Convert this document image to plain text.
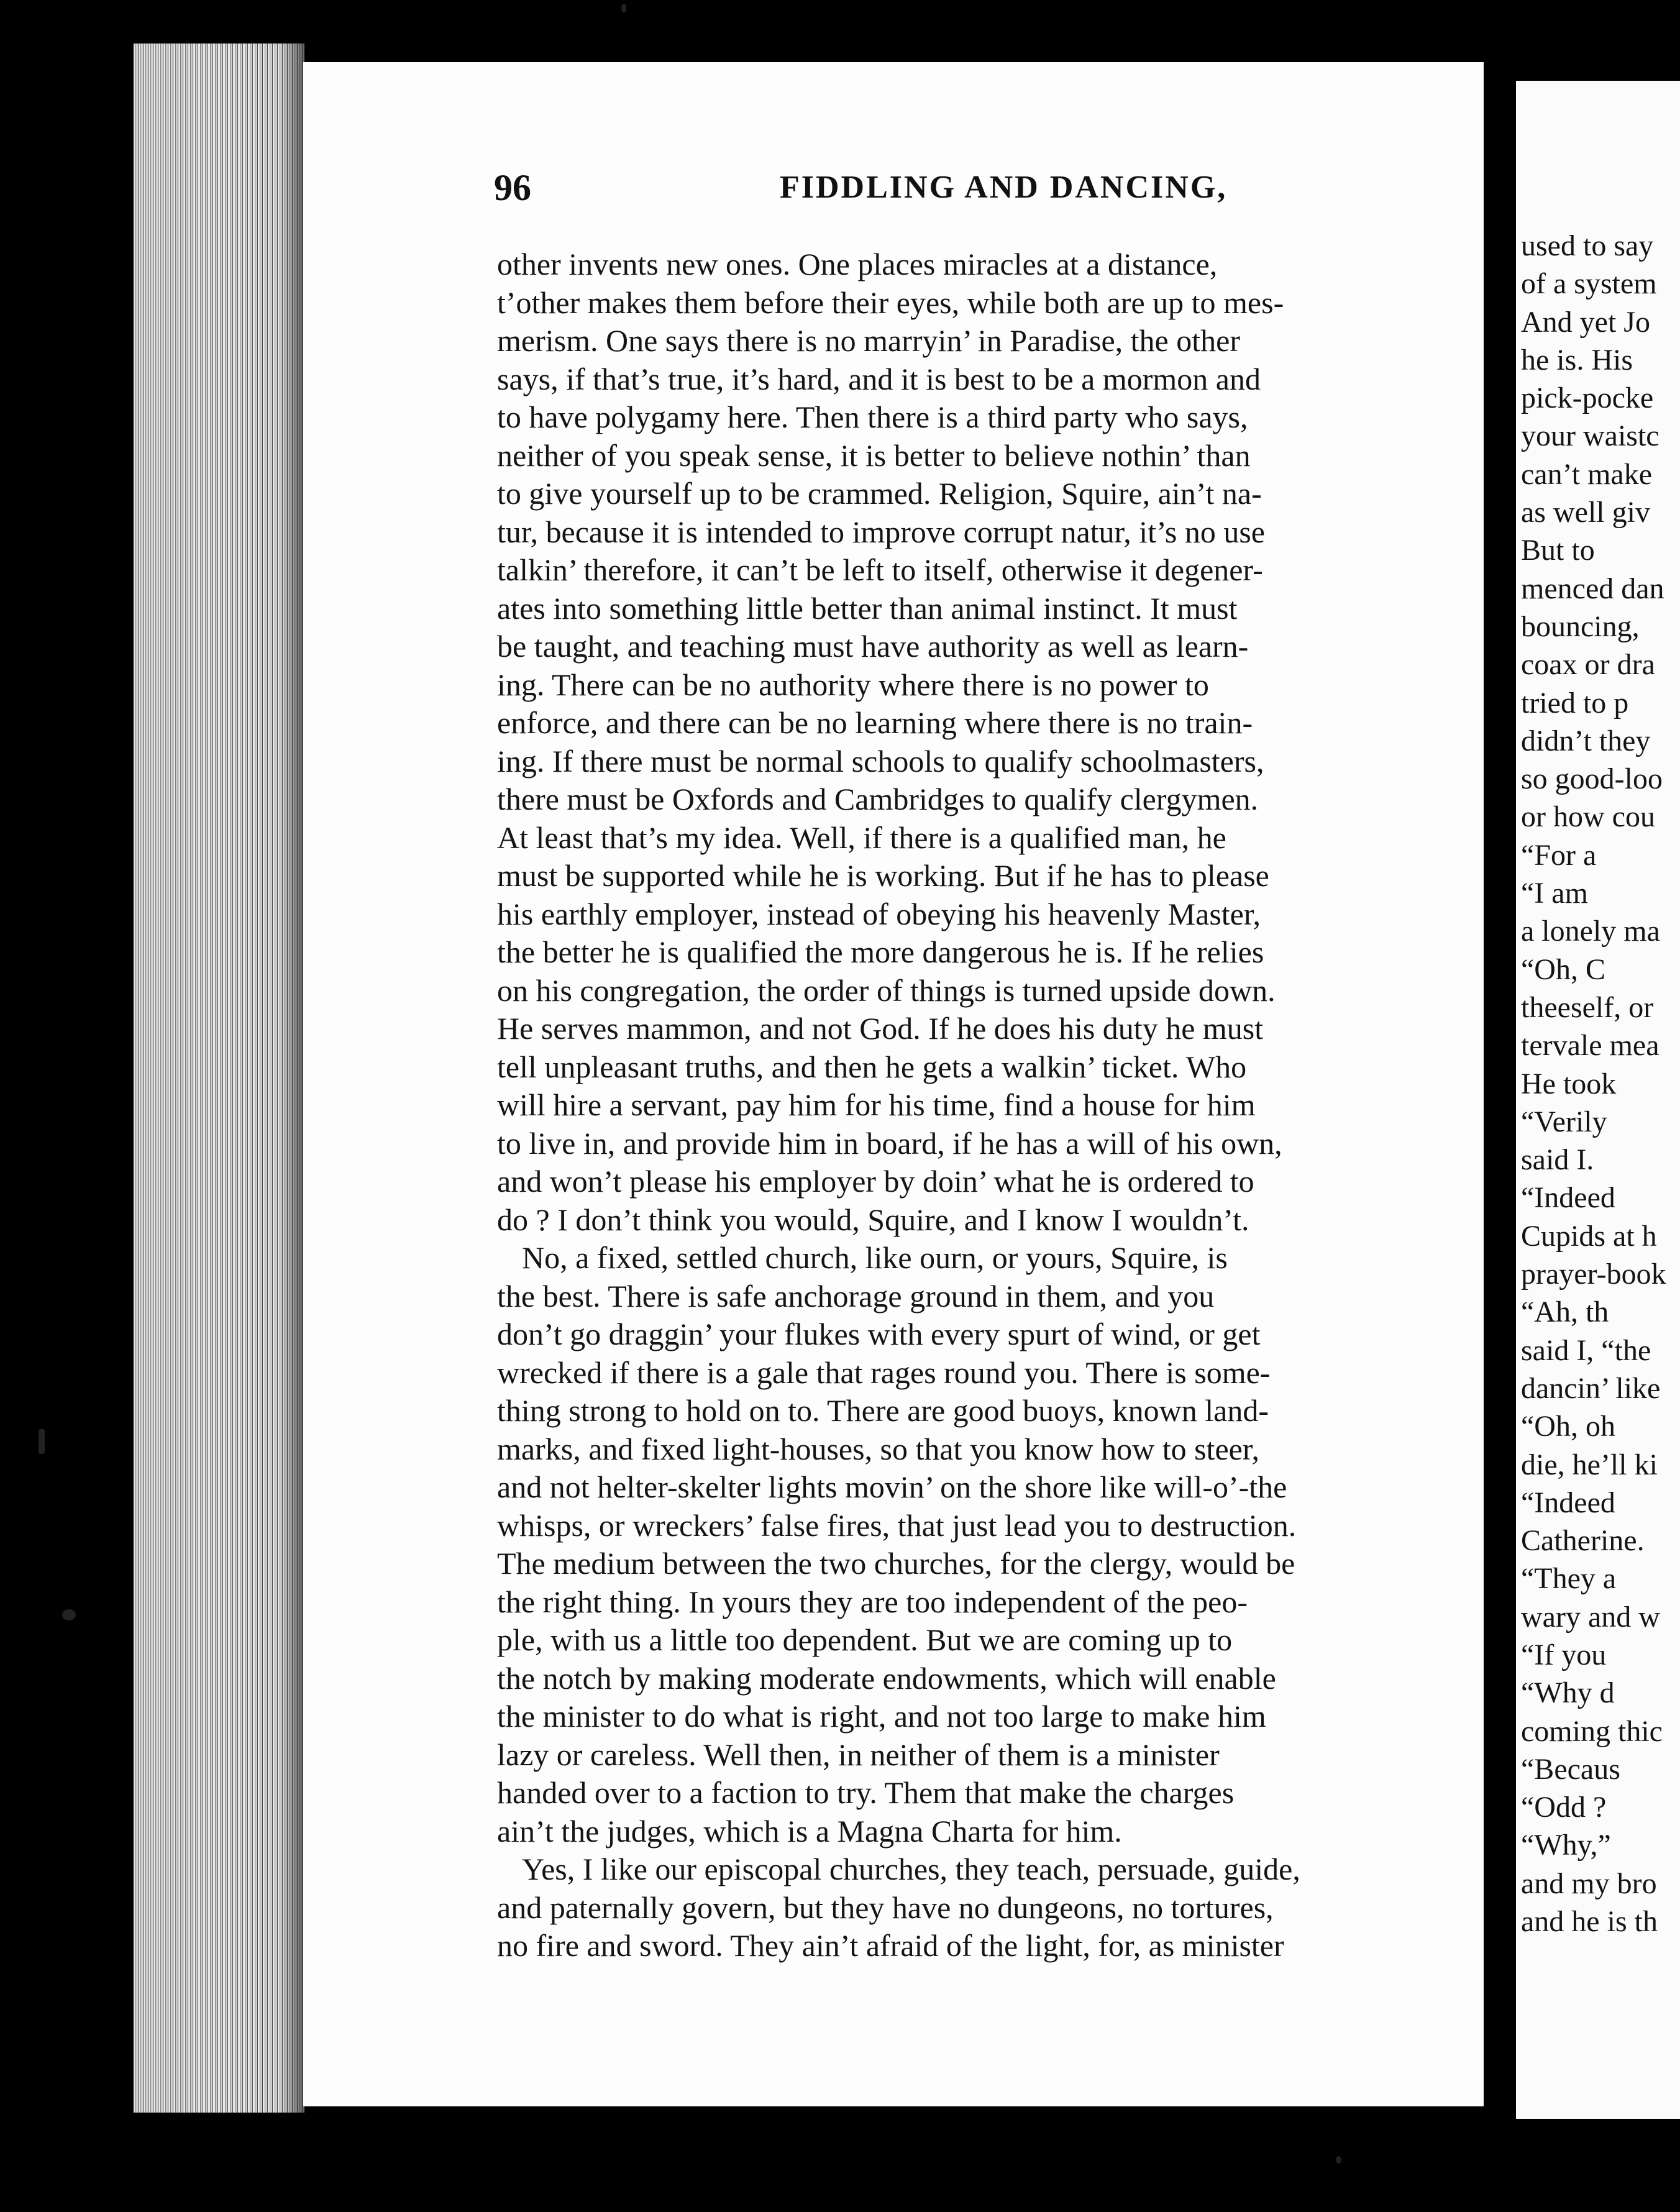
96	FIDDLING AND DANCING,
other invents new ones. One places miracles at a distance,
t’other makes them before their eyes, while both are up to mes-
merism. One says there is no marryin’ in Paradise, the other
says, if that’s true, it’s hard, and it is best to be a mormon and
to have polygamy here. Then there is a third party who says,
neither of you speak sense, it is better to believe nothin’ than
to give yourself up to be crammed. Religion, Squire, ain’t na-
tur, because it is intended to improve corrupt natur, it’s no use
talkin’ therefore, it can’t be left to itself, otherwise it degener-
ates into something little better than animal instinct. It must
be taught, and teaching must have authority as well as learn-
ing. There can be no authority where there is no power to
enforce, and there can be no learning where there is no train-
ing. If there must be normal schools to qualify schoolmasters,
there must be Oxfords and Cambridges to qualify clergymen.
At least that’s my idea. Well, if there is a qualified man, he
must be supported while he is working. But if he has to please
his earthly employer, instead of obeying his heavenly Master,
the better he is qualified the more dangerous he is. If he relies
on his congregation, the order of things is turned upside down.
He serves mammon, and not God. If he does his duty he must
tell unpleasant truths, and then he gets a walkin’ ticket. Who
will hire a servant, pay him for his time, find a house for him
to live in, and provide him in board, if he has a will of his own,
and won’t please his employer by doin’ what he is ordered to
do ? I don’t think you would, Squire, and I know I wouldn’t.
No, a fixed, settled church, like ourn, or yours, Squire, is
the best. There is safe anchorage ground in them, and you
don’t go draggin’ your flukes with every spurt of wind, or get
wrecked if there is a gale that rages round you. There is some-
thing strong to hold on to. There are good buoys, known land-
marks, and fixed light-houses, so that you know how to steer,
and not helter-skelter lights movin’ on the shore like will-o’-the
whisps, or wreckers’ false fires, that just lead you to destruction.
The medium between the two churches, for the clergy, would be
the right thing. In yours they are too independent of the peo-
ple, with us a little too dependent. But we are coming up to
the notch by making moderate endowments, which will enable
the minister to do what is right, and not too large to make him
lazy or careless. Well then, in neither of them is a minister
handed over to a faction to try. Them that make the charges
ain’t the judges, which is a Magna Charta for him.
Yes, I like our episcopal churches, they teach, persuade, guide,
and paternally govern, but they have no dungeons, no tortures,
no fire and sword. They ain’t afraid of the light, for, as minister
used to say
of a system
And yet Jo
he is. His
pick-pocke
your waistc
can’t make
as well giv
But to
menced dan
bouncing,
coax or dra
tried to p
didn’t they
so good-loo
or how cou
“For a
“I am
a lonely ma
“Oh, C
theeself, or
tervale mea
He took
“Verily
said I.
“Indeed
Cupids at h
prayer-book
“Ah, th
said I, “the
dancin’ like
“Oh, oh
die, he’ll ki
“Indeed
Catherine.
“They a
wary and w
“If you
“Why d
coming thic
“Becaus
“Odd ?
“Why,”
and my bro
and he is th
